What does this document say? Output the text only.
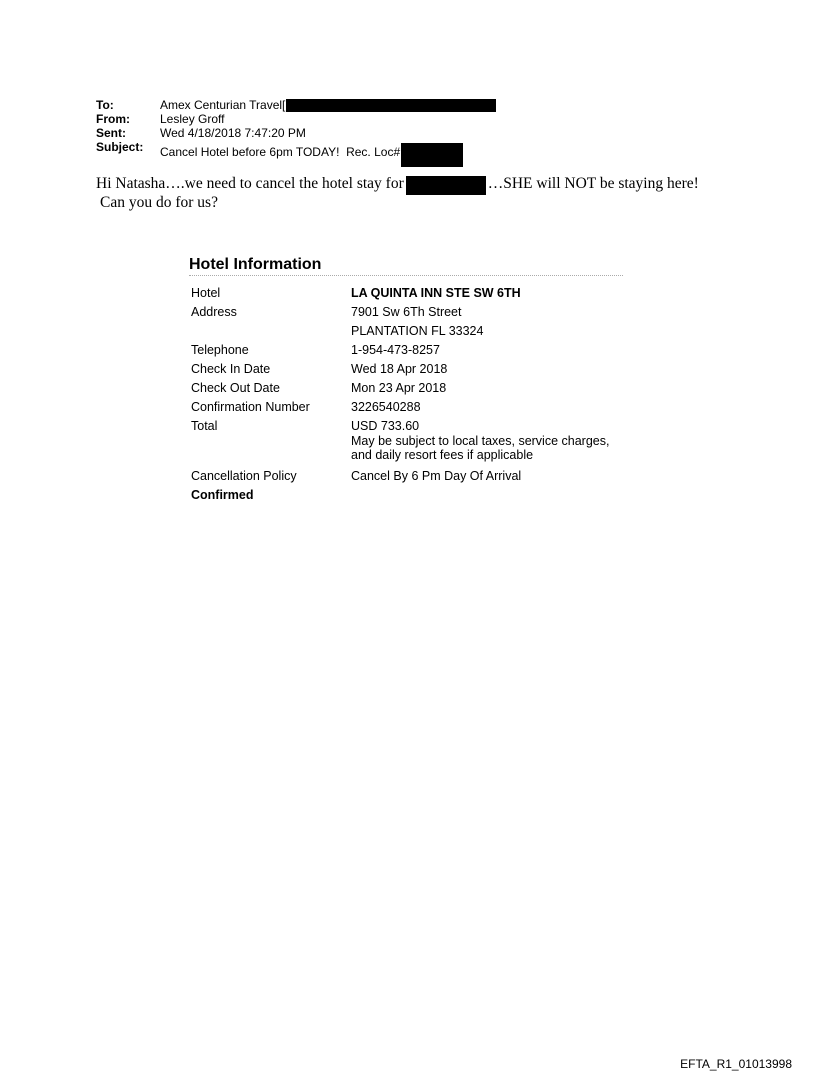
To:	Amex Centurian Travel[
From:	Lesley Groff
Sent:	Wed 4/18/2018 7:47:20 PM
Subject:	Cancel Hotel before 6pm TODAY!  Rec. Loc#
Hi Natasha….we need to cancel the hotel stay for	…SHE will NOT be staying here!
Can you do for us?
Hotel Information
Hotel	LA QUINTA INN STE SW 6TH
Address	7901 Sw 6Th Street
PLANTATION FL 33324
Telephone	1-954-473-8257
Check In Date	Wed 18 Apr 2018
Check Out Date	Mon 23 Apr 2018
Confirmation Number	3226540288
Total	USD 733.60
May be subject to local taxes, service charges, and daily resort fees if applicable
Cancellation Policy	Cancel By 6 Pm Day Of Arrival
Confirmed
EFTA_R1_01013998
